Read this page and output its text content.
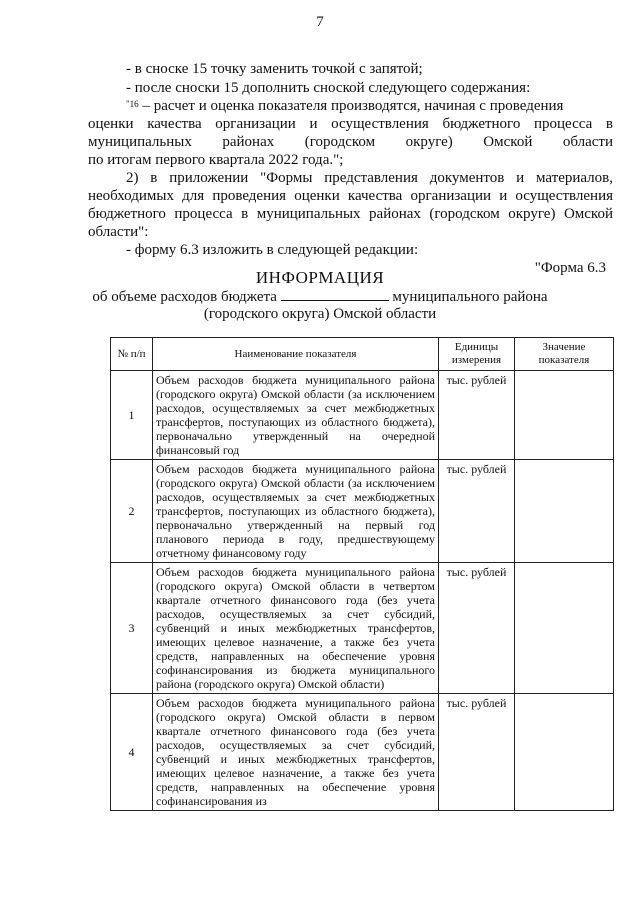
7
- в сноске 15 точку заменить точкой с запятой;
- после сноски 15 дополнить сноской следующего содержания:
$^{"16}$ – расчет и оценка показателя производятся, начиная с проведения
оценки качества организации и осуществления бюджетного процесса в
муниципальных районах (городском округе) Омской области
по итогам первого квартала 2022 года.";
2) в приложении "Формы представления документов и материалов,
необходимых для проведения оценки качества организации и осуществления
бюджетного процесса в муниципальных районах (городском округе) Омской
области":
- форму 6.3 изложить в следующей редакции:
"Форма 6.3
ИНФОРМАЦИЯ
об объеме расходов бюджета	муниципального района
(городского округа) Омской области
№ п/п	Наименование показателя	Единицы измерения	Значение показателя
1	Объем расходов бюджета муниципального района (городского округа) Омской области (за исключением расходов, осуществляемых за счет межбюджетных трансфертов, поступающих из областного бюджета), первоначально утвержденный на очередной финансовый год	тыс. рублей	
2	Объем расходов бюджета муниципального района (городского округа) Омской области (за исключением расходов, осуществляемых за счет межбюджетных трансфертов, поступающих из областного бюджета), первоначально утвержденный на первый год планового периода в году, предшествующему отчетному финансовому году	тыс. рублей	
3	Объем расходов бюджета муниципального района (городского округа) Омской области в четвертом квартале отчетного финансового года (без учета расходов, осуществляемых за счет субсидий, субвенций и иных межбюджетных трансфертов, имеющих целевое назначение, а также без учета средств, направленных на обеспечение уровня софинансирования из бюджета муниципального района (городского округа) Омской области)	тыс. рублей	
4	Объем расходов бюджета муниципального района (городского округа) Омской области в первом квартале отчетного финансового года (без учета расходов, осуществляемых за счет субсидий, субвенций и иных межбюджетных трансфертов, имеющих целевое назначение, а также без учета средств, направленных на обеспечение уровня софинансирования из	тыс. рублей	
